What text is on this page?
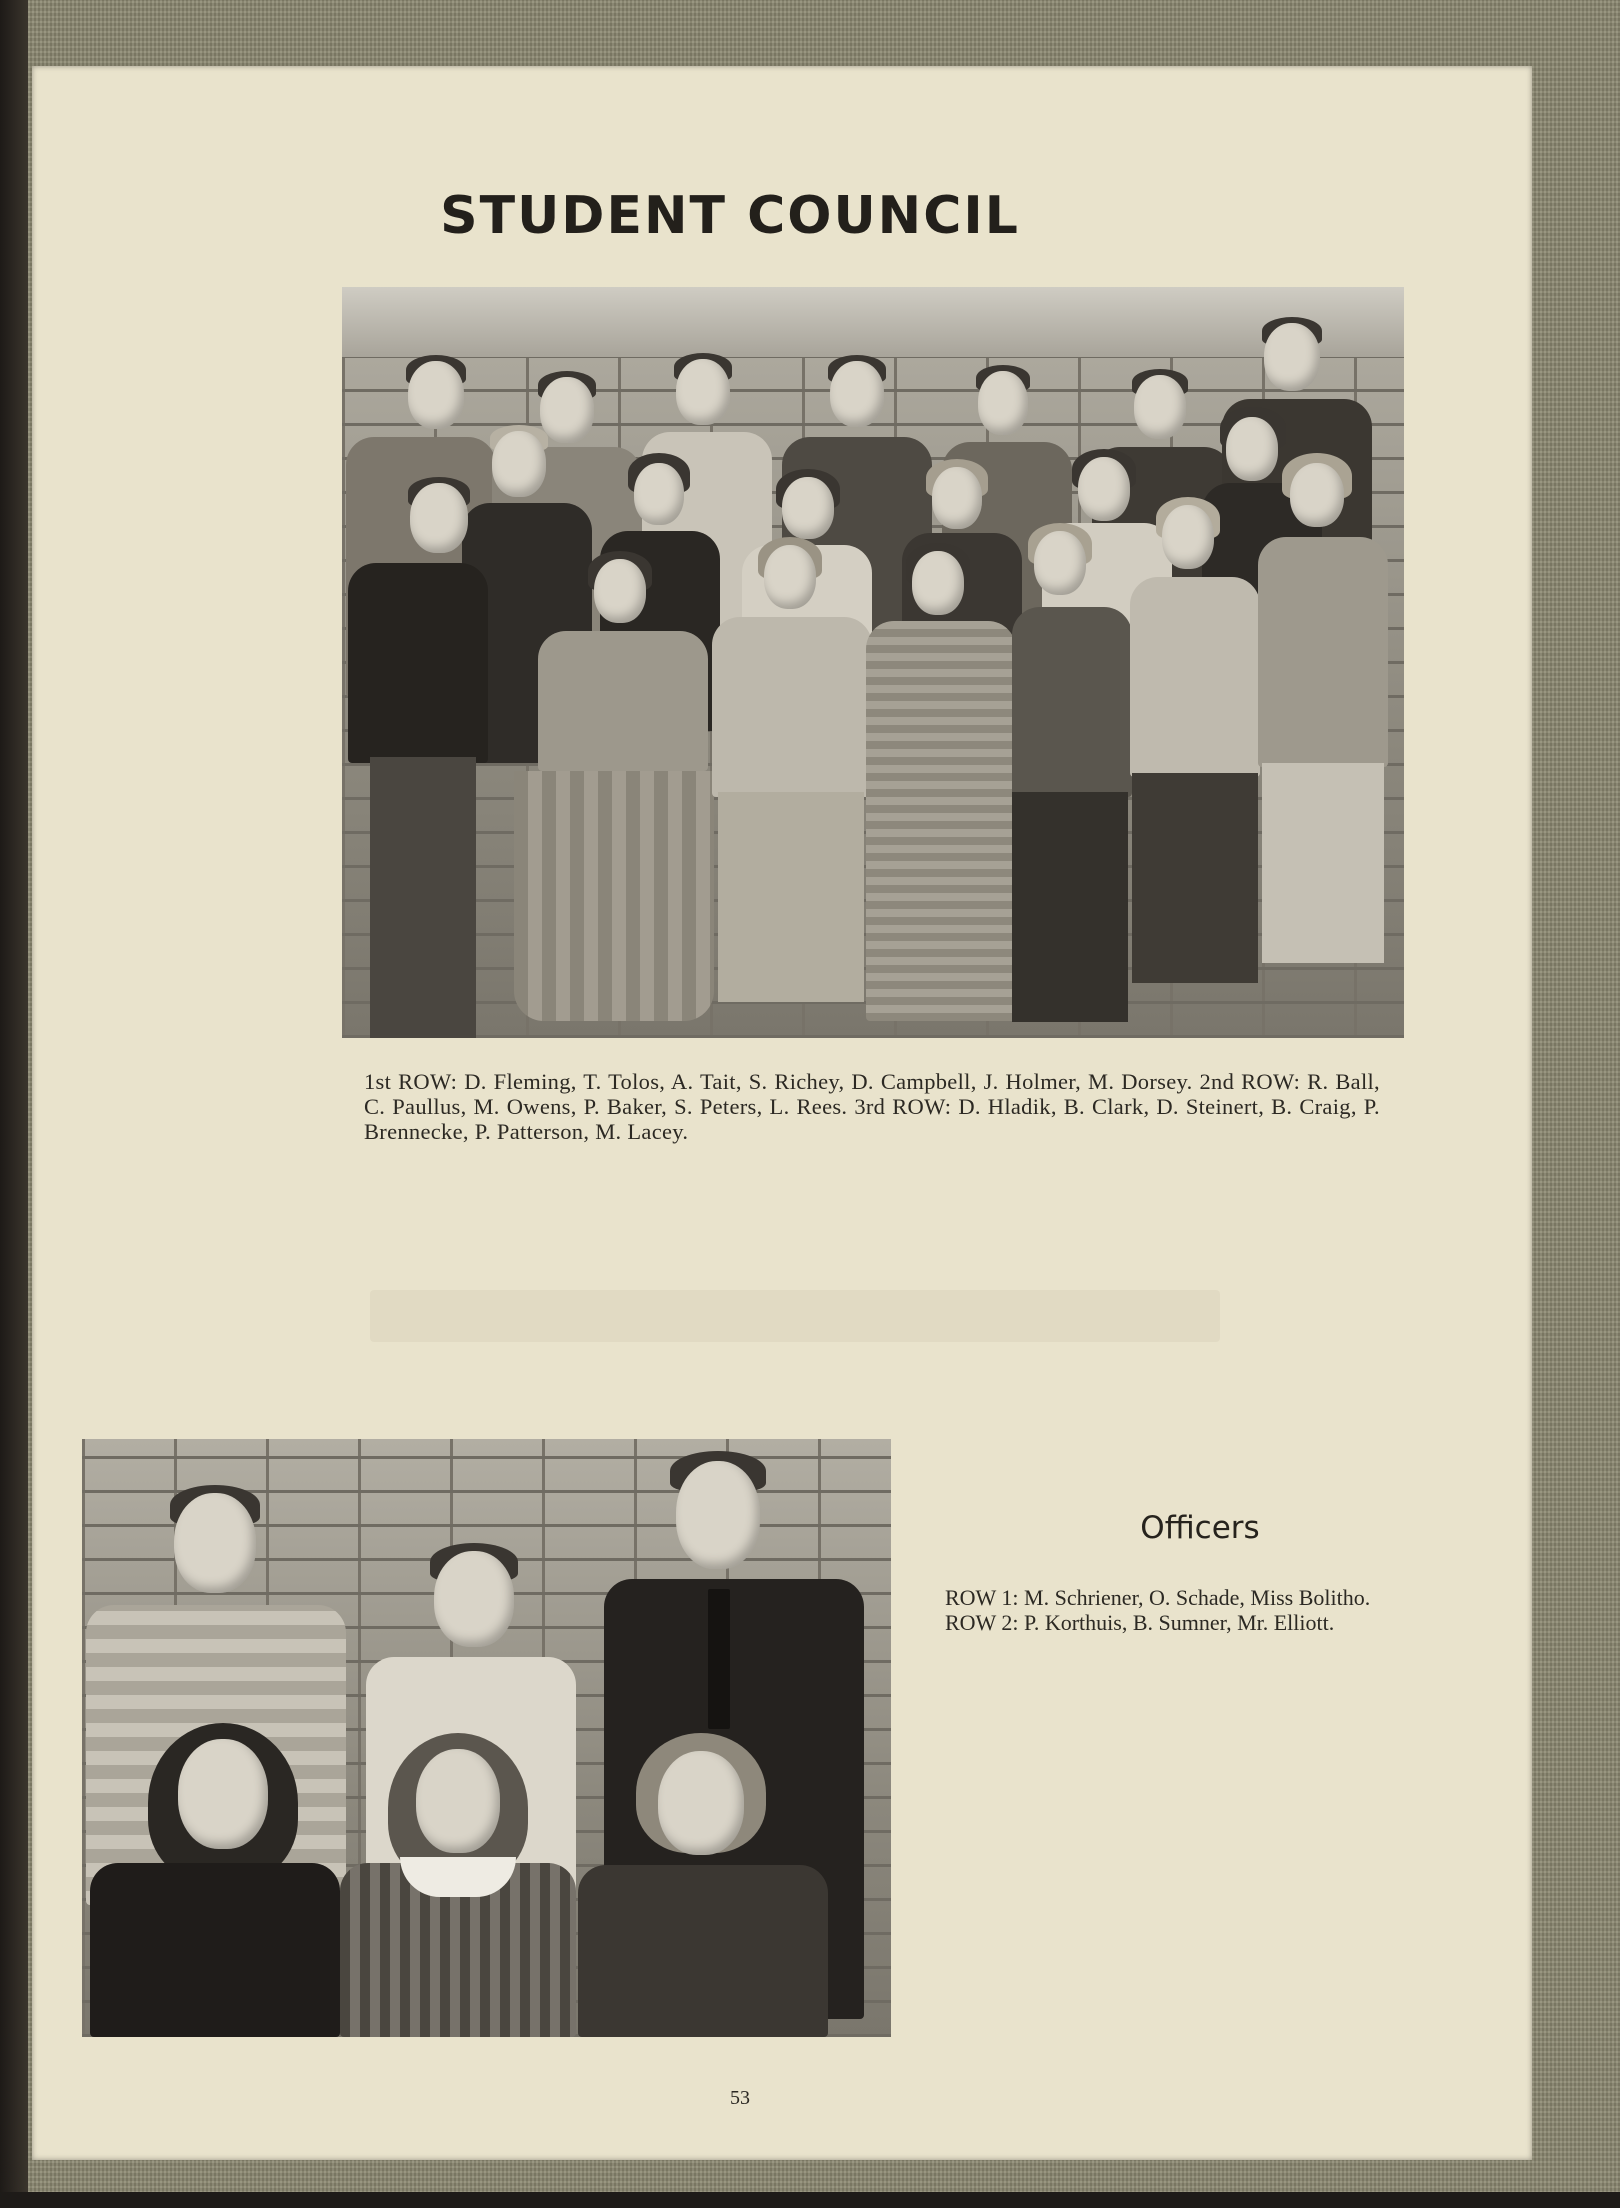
STUDENT COUNCIL
1st ROW: D. Fleming, T. Tolos, A. Tait, S. Richey, D. Campbell, J. Holmer, M. Dorsey. 2nd ROW: R. Ball, C. Paullus, M. Owens, P. Baker, S. Peters, L. Rees. 3rd ROW: D. Hladik, B. Clark, D. Steinert, B. Craig, P. Brennecke, P. Patterson, M. Lacey.
Officers
ROW 1: M. Schriener, O. Schade, Miss Bolitho. ROW 2: P. Korthuis, B. Sumner, Mr. Elliott.
53
